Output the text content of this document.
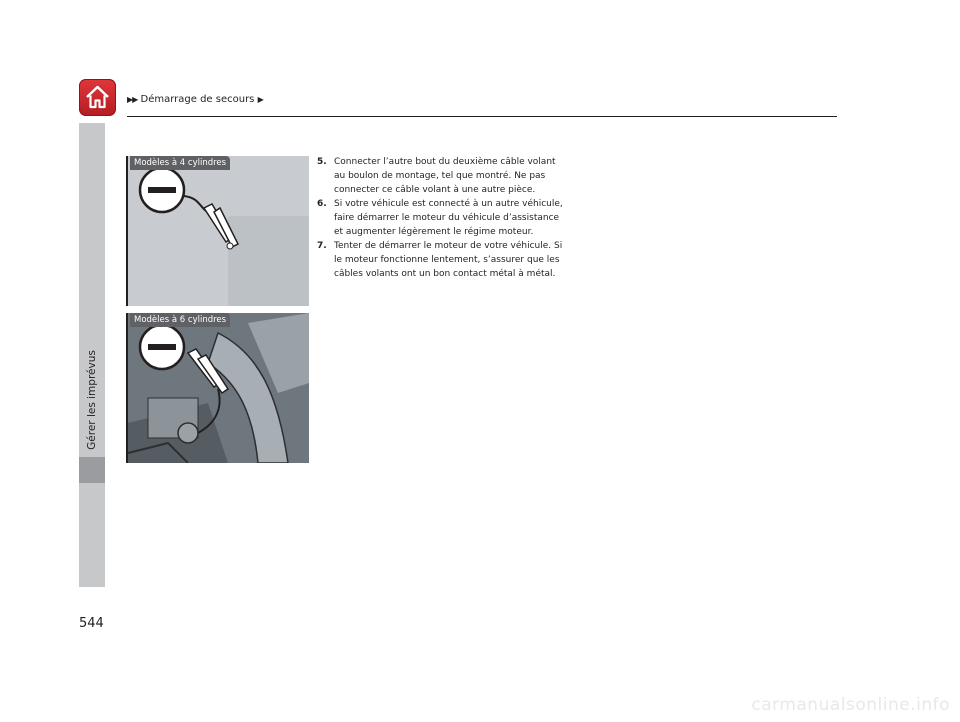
▶▶ Démarrage de secours ▶
Gérer les imprévus
Modèles à 4 cylindres
Modèles à 6 cylindres
5. Connecter l’autre bout du deuxième câble volant au boulon de montage, tel que montré. Ne pas connecter ce câble volant à une autre pièce.
6. Si votre véhicule est connecté à un autre véhicule, faire démarrer le moteur du véhicule d’assistance et augmenter légèrement le régime moteur.
7. Tenter de démarrer le moteur de votre véhicule. Si le moteur fonctionne lentement, s’assurer que les câbles volants ont un bon contact métal à métal.
544
carmanualsonline.info
